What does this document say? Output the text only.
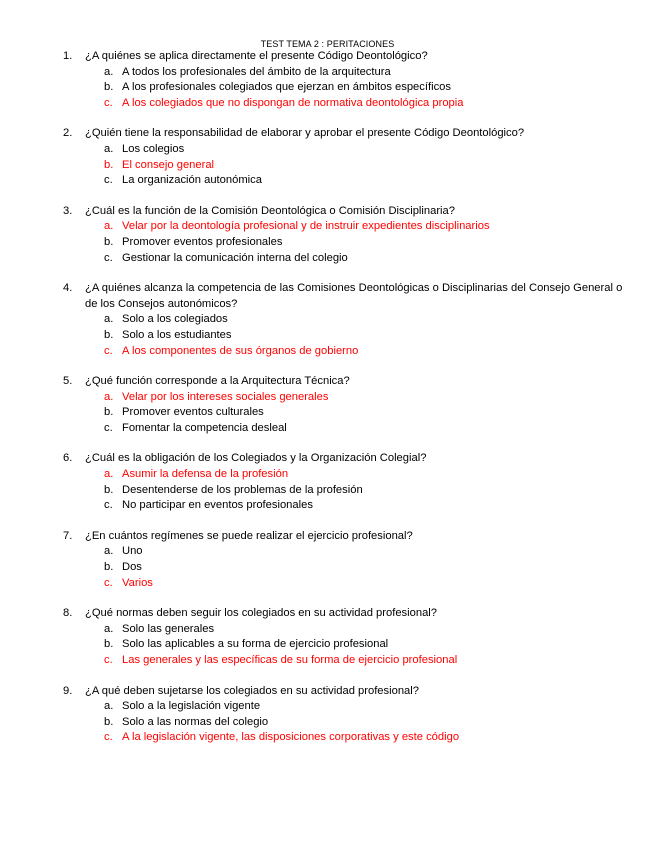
TEST TEMA 2 : PERITACIONES
1.	¿A quiénes se aplica directamente el presente Código Deontológico?
a. A todos los profesionales del ámbito de la arquitectura
b. A los profesionales colegiados que ejerzan en ámbitos específicos
c. A los colegiados que no dispongan de normativa deontológica propia
2.	¿Quién tiene la responsabilidad de elaborar y aprobar el presente Código Deontológico?
a. Los colegios
b. El consejo general
c. La organización autonómica
3.	¿Cuál es la función de la Comisión Deontológica o Comisión Disciplinaria?
a. Velar por la deontología profesional y de instruir expedientes disciplinarios
b. Promover eventos profesionales
c. Gestionar la comunicación interna del colegio
4.	¿A quiénes alcanza la competencia de las Comisiones Deontológicas o Disciplinarias del Consejo General o de los Consejos autonómicos?
a. Solo a los colegiados
b. Solo a los estudiantes
c. A los componentes de sus órganos de gobierno
5.	¿Qué función corresponde a la Arquitectura Técnica?
a. Velar por los intereses sociales generales
b. Promover eventos culturales
c. Fomentar la competencia desleal
6.	¿Cuál es la obligación de los Colegiados y la Organización Colegial?
a. Asumir la defensa de la profesión
b. Desentenderse de los problemas de la profesión
c. No participar en eventos profesionales
7.	¿En cuántos regímenes se puede realizar el ejercicio profesional?
a. Uno
b. Dos
c. Varios
8.	¿Qué normas deben seguir los colegiados en su actividad profesional?
a. Solo las generales
b. Solo las aplicables a su forma de ejercicio profesional
c. Las generales y las específicas de su forma de ejercicio profesional
9.	¿A qué deben sujetarse los colegiados en su actividad profesional?
a. Solo a la legislación vigente
b. Solo a las normas del colegio
c. A la legislación vigente, las disposiciones corporativas y este código
